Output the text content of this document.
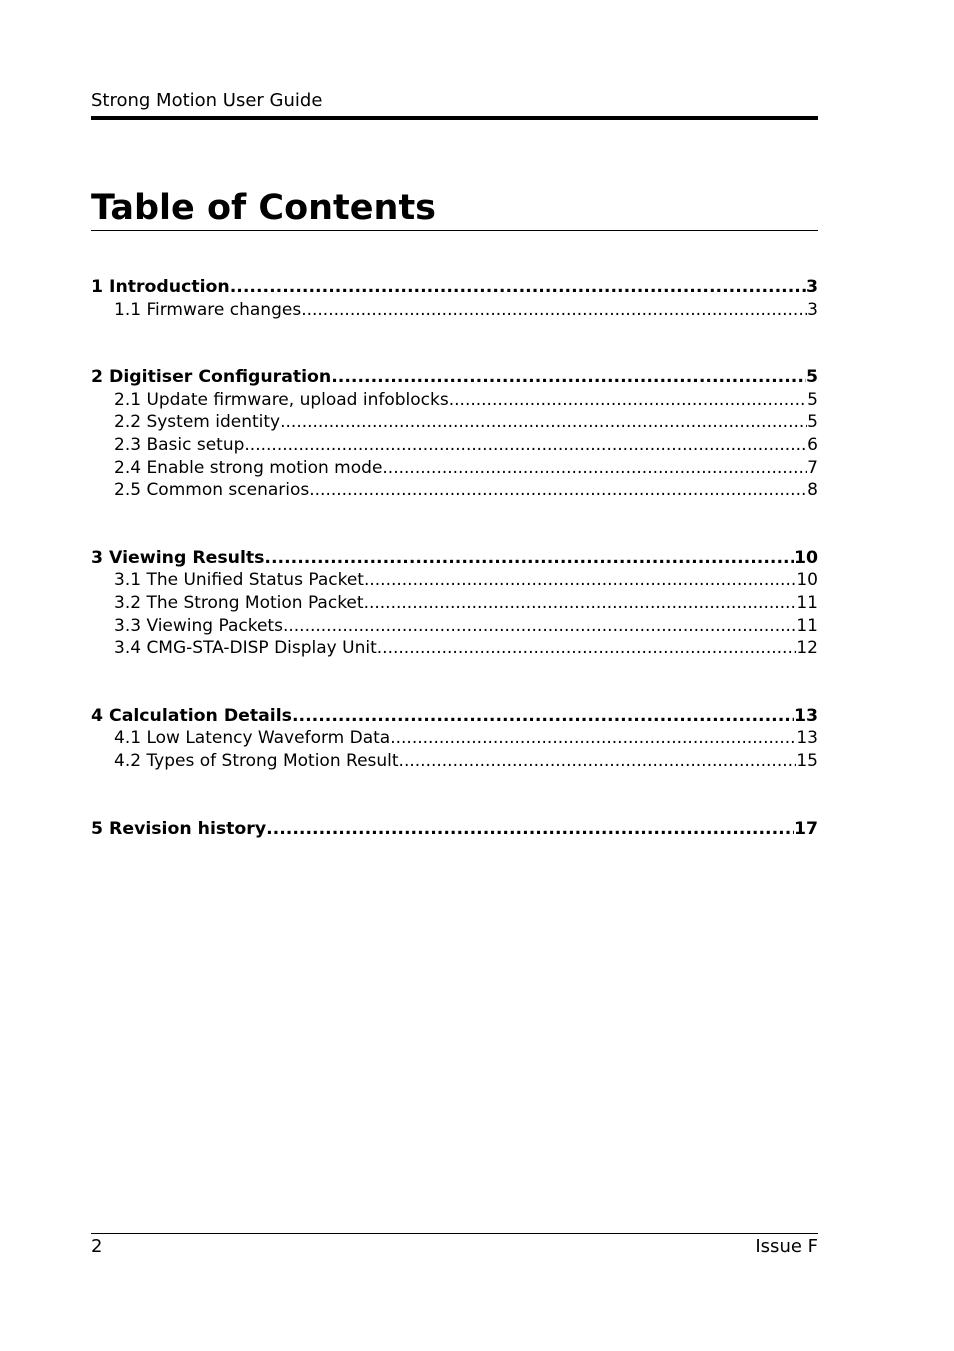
Strong Motion User Guide
Table of Contents
1 Introduction .....	3
1.1 Firmware changes .....	3
2 Digitiser Configuration .....	5
2.1 Update firmware, upload infoblocks .....	5
2.2 System identity .....	5
2.3 Basic setup .....	6
2.4 Enable strong motion mode .....	7
2.5 Common scenarios .....	8
3 Viewing Results .....	10
3.1 The Unified Status Packet .....	10
3.2 The Strong Motion Packet .....	11
3.3 Viewing Packets .....	11
3.4 CMG-STA-DISP Display Unit .....	12
4 Calculation Details .....	13
4.1 Low Latency Waveform Data .....	13
4.2 Types of Strong Motion Result .....	15
5 Revision history .....	17
2	Issue F
